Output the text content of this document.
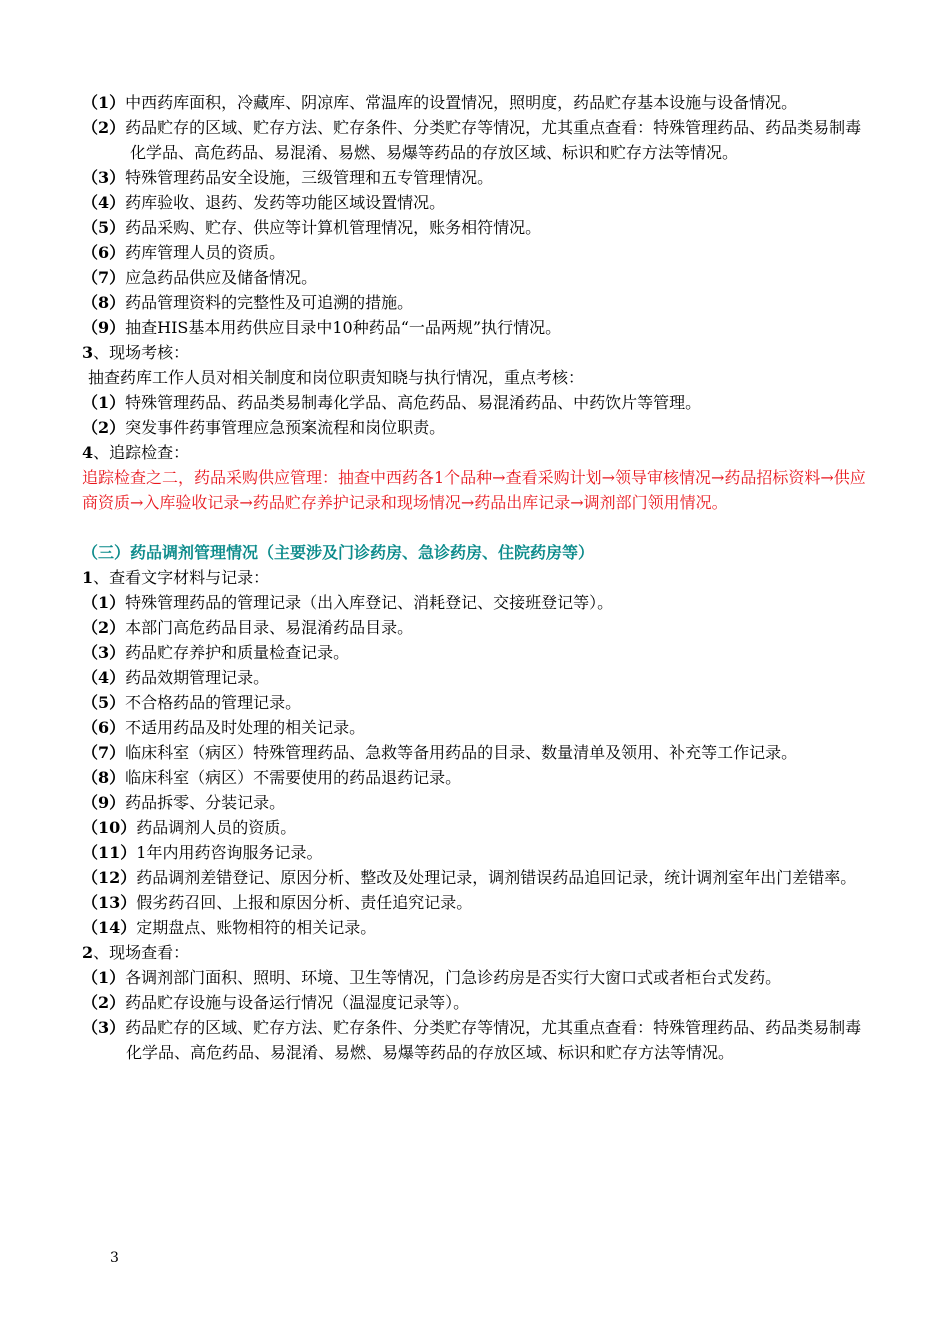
（1）中西药库面积，冷藏库、阴凉库、常温库的设置情况，照明度，药品贮存基本设施与设备情况。

（2）药品贮存的区域、贮存方法、贮存条件、分类贮存等情况，尤其重点查看：特殊管理药品、药品类易制毒化学品、高危药品、易混淆、易燃、易爆等药品的存放区域、标识和贮存方法等情况。

（3）特殊管理药品安全设施，三级管理和五专管理情况。

（4）药库验收、退药、发药等功能区域设置情况。

（5）药品采购、贮存、供应等计算机管理情况，账务相符情况。

（6）药库管理人员的资质。

（7）应急药品供应及储备情况。

（8）药品管理资料的完整性及可追溯的措施。

（9）抽查HIS基本用药供应目录中10种药品“一品两规”执行情况。

3、现场考核：

抽查药库工作人员对相关制度和岗位职责知晓与执行情况，重点考核：

（1）特殊管理药品、药品类易制毒化学品、高危药品、易混淆药品、中药饮片等管理。

（2）突发事件药事管理应急预案流程和岗位职责。

4、追踪检查：

追踪检查之二，药品采购供应管理：抽查中西药各1个品种→查看采购计划→领导审核情况→药品招标资料→供应商资质→入库验收记录→药品贮存养护记录和现场情况→药品出库记录→调剂部门领用情况。

（三）药品调剂管理情况（主要涉及门诊药房、急诊药房、住院药房等）

1、查看文字材料与记录：

（1）特殊管理药品的管理记录（出入库登记、消耗登记、交接班登记等）。

（2）本部门高危药品目录、易混淆药品目录。

（3）药品贮存养护和质量检查记录。

（4）药品效期管理记录。

（5）不合格药品的管理记录。

（6）不适用药品及时处理的相关记录。

（7）临床科室（病区）特殊管理药品、急救等备用药品的目录、数量清单及领用、补充等工作记录。

（8）临床科室（病区）不需要使用的药品退药记录。

（9）药品拆零、分装记录。

（10）药品调剂人员的资质。

（11）1年内用药咨询服务记录。

（12）药品调剂差错登记、原因分析、整改及处理记录，调剂错误药品追回记录，统计调剂室年出门差错率。

（13）假劣药召回、上报和原因分析、责任追究记录。

（14）定期盘点、账物相符的相关记录。

2、现场查看：

（1）各调剂部门面积、照明、环境、卫生等情况，门急诊药房是否实行大窗口式或者柜台式发药。

（2）药品贮存设施与设备运行情况（温湿度记录等）。

（3）药品贮存的区域、贮存方法、贮存条件、分类贮存等情况，尤其重点查看：特殊管理药品、药品类易制毒化学品、高危药品、易混淆、易燃、易爆等药品的存放区域、标识和贮存方法等情况。

3
